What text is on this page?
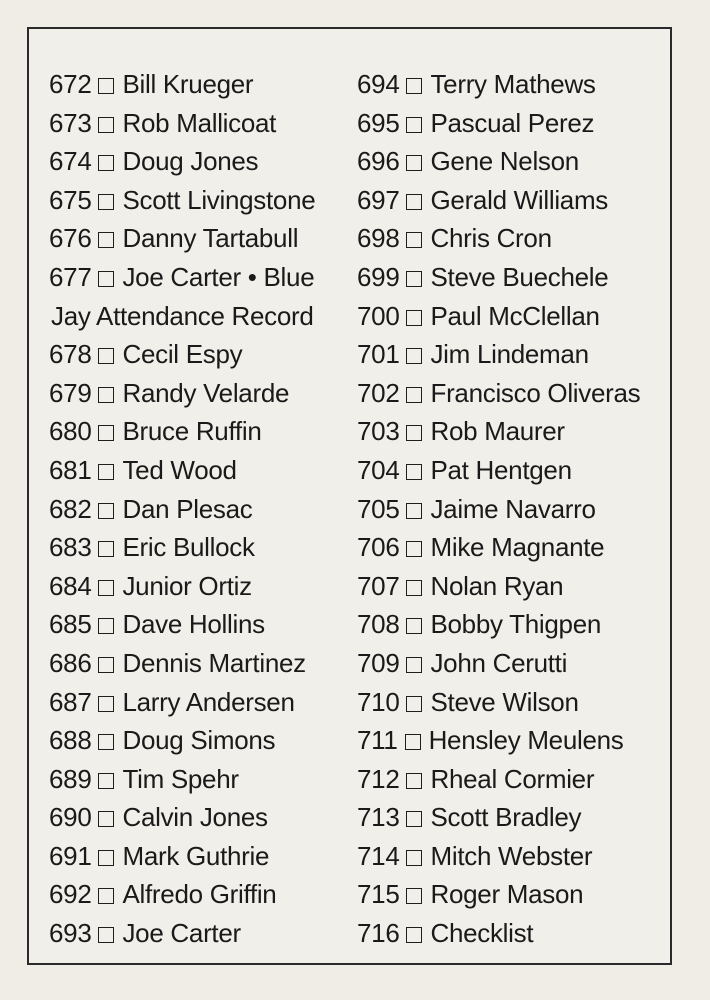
672 Bill Krueger
673 Rob Mallicoat
674 Doug Jones
675 Scott Livingstone
676 Danny Tartabull
677 Joe Carter • Blue
Jay Attendance Record
678 Cecil Espy
679 Randy Velarde
680 Bruce Ruffin
681 Ted Wood
682 Dan Plesac
683 Eric Bullock
684 Junior Ortiz
685 Dave Hollins
686 Dennis Martinez
687 Larry Andersen
688 Doug Simons
689 Tim Spehr
690 Calvin Jones
691 Mark Guthrie
692 Alfredo Griffin
693 Joe Carter
694 Terry Mathews
695 Pascual Perez
696 Gene Nelson
697 Gerald Williams
698 Chris Cron
699 Steve Buechele
700 Paul McClellan
701 Jim Lindeman
702 Francisco Oliveras
703 Rob Maurer
704 Pat Hentgen
705 Jaime Navarro
706 Mike Magnante
707 Nolan Ryan
708 Bobby Thigpen
709 John Cerutti
710 Steve Wilson
711 Hensley Meulens
712 Rheal Cormier
713 Scott Bradley
714 Mitch Webster
715 Roger Mason
716 Checklist
